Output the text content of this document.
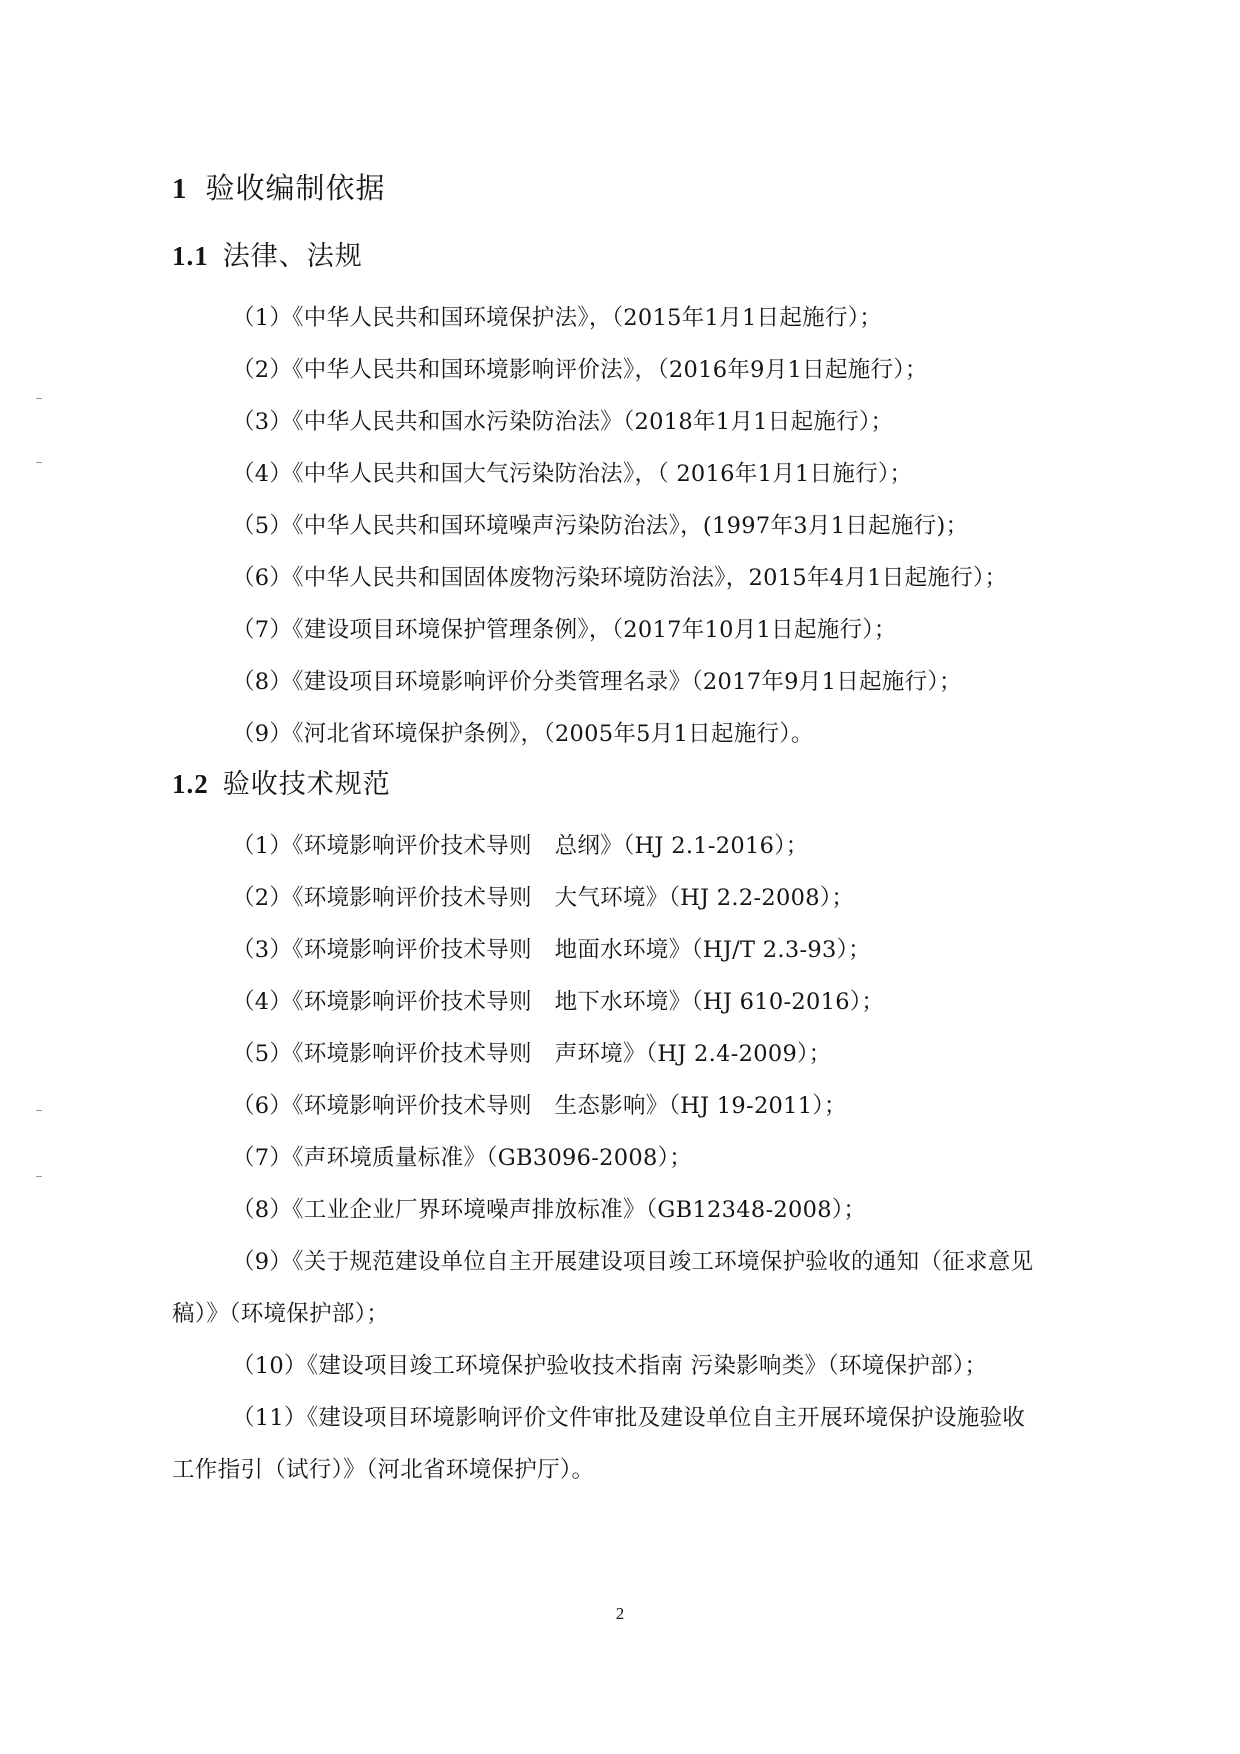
1 验收编制依据
1.1 法律、法规

（1）《中华人民共和国环境保护法》，（2015年1月1日起施行）；

（2）《中华人民共和国环境影响评价法》，（2016年9月1日起施行）；

（3）《中华人民共和国水污染防治法》（2018年1月1日起施行）；

（4）《中华人民共和国大气污染防治法》，（ 2016年1月1日施行）；

（5）《中华人民共和国环境噪声污染防治法》，(1997年3月1日起施行)；

（6）《中华人民共和国固体废物污染环境防治法》，2015年4月1日起施行）；

（7）《建设项目环境保护管理条例》，（2017年10月1日起施行）；

（8）《建设项目环境影响评价分类管理名录》（2017年9月1日起施行）；

（9）《河北省环境保护条例》，（2005年5月1日起施行）。

1.2 验收技术规范

（1）《环境影响评价技术导则　总纲》（HJ 2.1-2016）；

（2）《环境影响评价技术导则　大气环境》（HJ 2.2-2008）；

（3）《环境影响评价技术导则　地面水环境》（HJ/T 2.3-93）；

（4）《环境影响评价技术导则　地下水环境》（HJ 610-2016）；

（5）《环境影响评价技术导则　声环境》（HJ 2.4-2009）；

（6）《环境影响评价技术导则　生态影响》（HJ 19-2011）；

（7）《声环境质量标准》（GB3096-2008）；

（8）《工业企业厂界环境噪声排放标准》（GB12348-2008）；

（9）《关于规范建设单位自主开展建设项目竣工环境保护验收的通知（征求意见稿）》（环境保护部）；

（10）《建设项目竣工环境保护验收技术指南 污染影响类》（环境保护部）；

（11）《建设项目环境影响评价文件审批及建设单位自主开展环境保护设施验收工作指引（试行）》（河北省环境保护厅）。

2
